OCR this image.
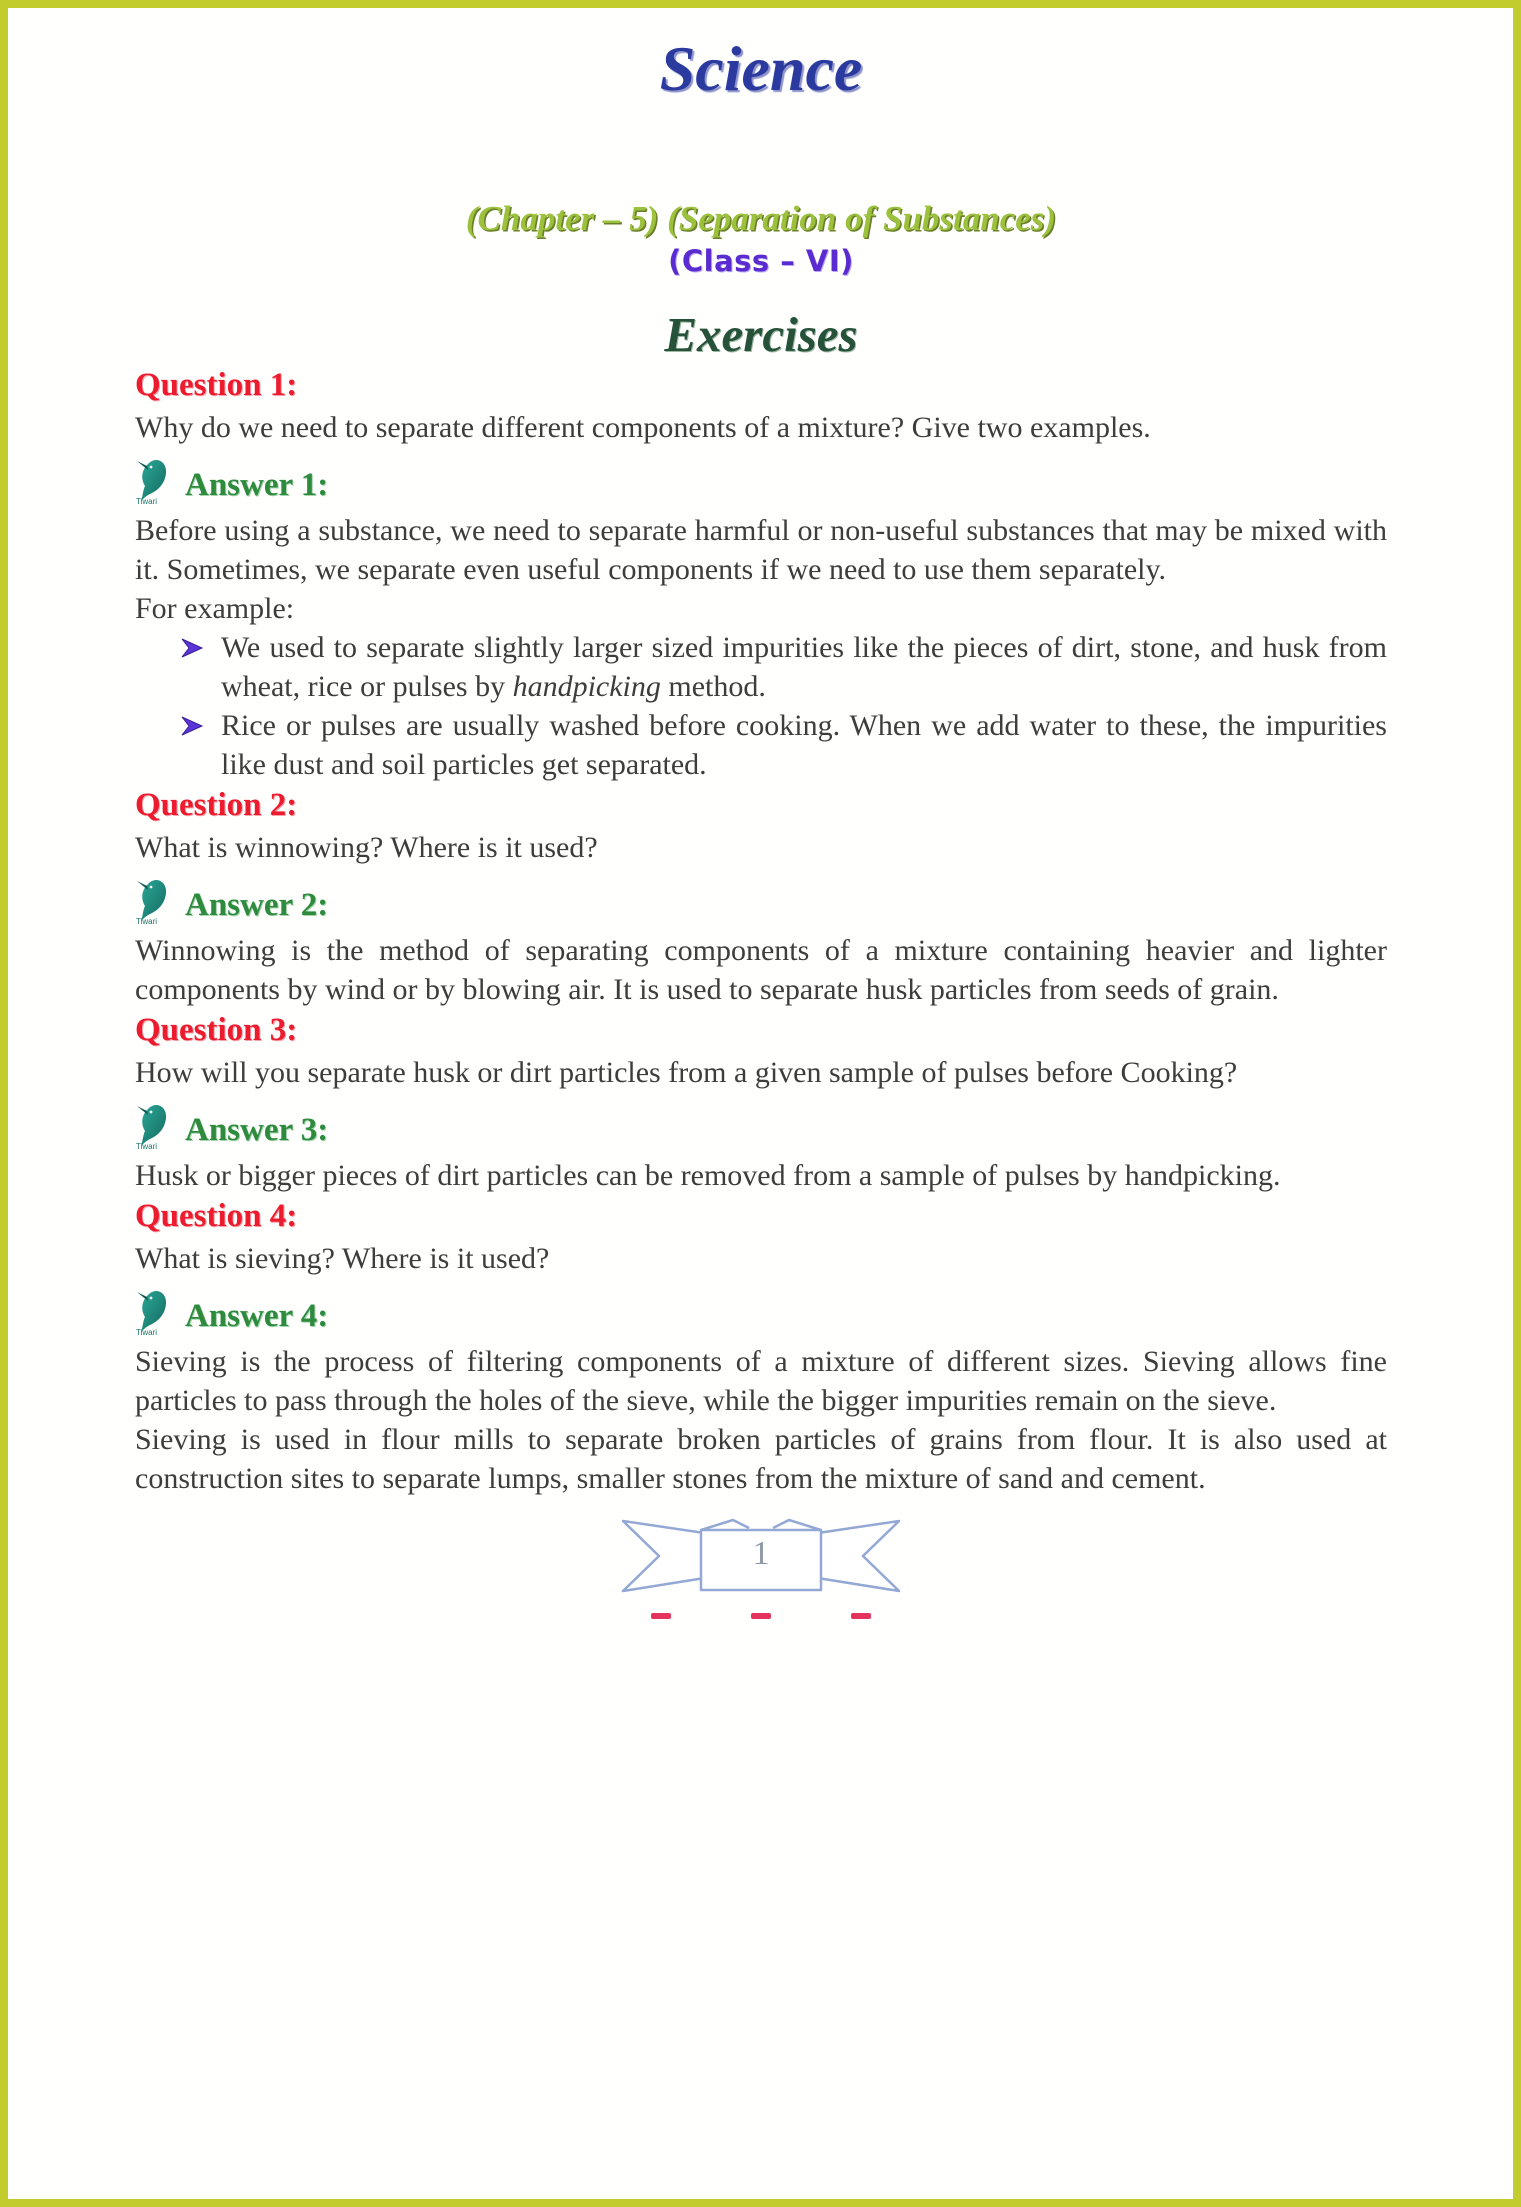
Science
(Chapter – 5) (Separation of Substances)
(Class – VI)
Exercises
Question 1:

Why do we need to separate different components of a mixture? Give two examples.

Tiwari Answer 1:

Before using a substance, we need to separate harmful or non-useful substances that may be mixed with it. Sometimes, we separate even useful components if we need to use them separately.

For example:

We used to separate slightly larger sized impurities like the pieces of dirt, stone, and husk from wheat, rice or pulses by handpicking method.
Rice or pulses are usually washed before cooking. When we add water to these, the impurities like dust and soil particles get separated.
Question 2:

What is winnowing? Where is it used?

Tiwari Answer 2:

Winnowing is the method of separating components of a mixture containing heavier and lighter components by wind or by blowing air. It is used to separate husk particles from seeds of grain.

Question 3:

How will you separate husk or dirt particles from a given sample of pulses before Cooking?

Tiwari Answer 3:

Husk or bigger pieces of dirt particles can be removed from a sample of pulses by handpicking.

Question 4:

What is sieving? Where is it used?

Tiwari Answer 4:

Sieving is the process of filtering components of a mixture of different sizes. Sieving allows fine particles to pass through the holes of the sieve, while the bigger impurities remain on the sieve.

Sieving is used in flour mills to separate broken particles of grains from flour. It is also used at construction sites to separate lumps, smaller stones from the mixture of sand and cement.

1
